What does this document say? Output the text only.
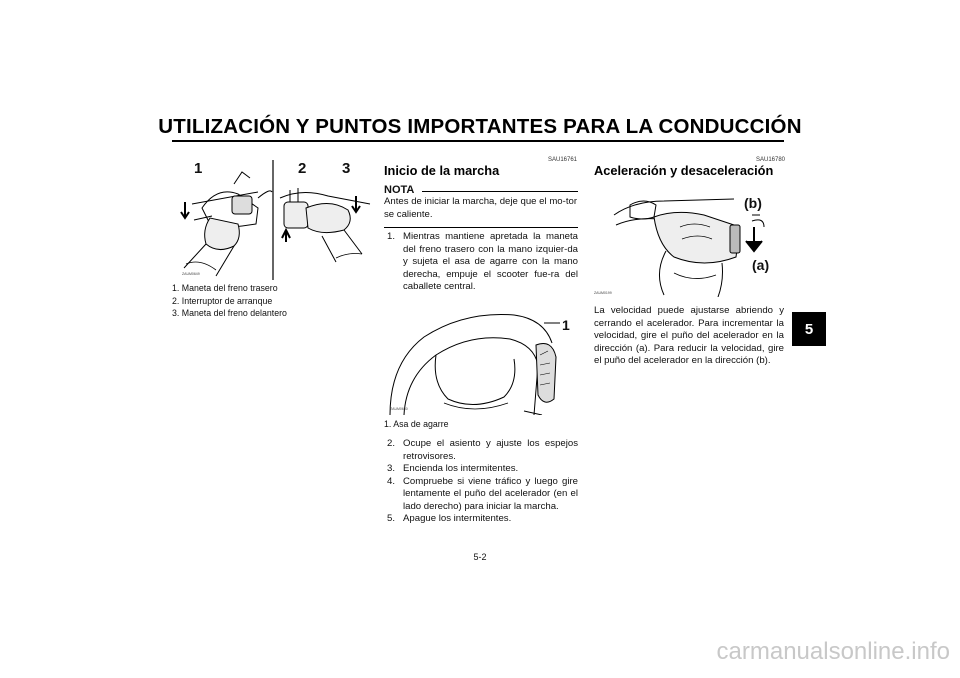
UTILIZACIÓN Y PUNTOS IMPORTANTES PARA LA CONDUCCIÓN
5
1	2 3
ZAUM0649
1. Maneta del freno trasero
2. Interruptor de arranque
3. Maneta del freno delantero
SAU16761
Inicio de la marcha
NOTA
Antes de iniciar la marcha, deje que el mo-tor se caliente.
1. Mientras mantiene apretada la maneta del freno trasero con la mano izquier-da y sujeta el asa de agarre con la mano derecha, empuje el scooter fue-ra del caballete central.
1
ZAUM0650
1. Asa de agarre
2. Ocupe el asiento y ajuste los espejos retrovisores.
3. Encienda los intermitentes.
4. Compruebe si viene tráfico y luego gire lentamente el puño del acelerador (en el lado derecho) para iniciar la marcha.
5. Apague los intermitentes.
SAU16780
Aceleración y desaceleración
(b)
(a)
ZAUM0199
La velocidad puede ajustarse abriendo y cerrando el acelerador. Para incrementar la velocidad, gire el puño del acelerador en la dirección (a). Para reducir la velocidad, gire el puño del acelerador en la dirección (b).
5-2
carmanualsonline.info
